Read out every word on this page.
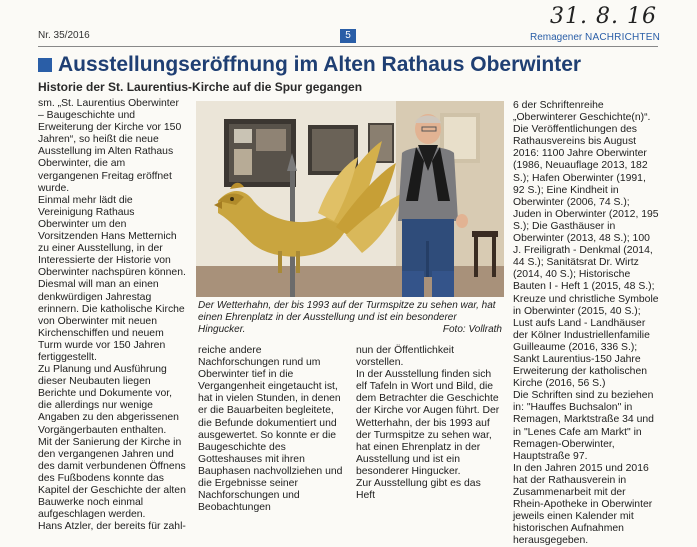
Nr. 35/2016	5	Remagener NACHRICHTEN
31. 8. 16
Ausstellungseröffnung im Alten Rathaus Oberwinter
Historie der St. Laurentius-Kirche auf die Spur gegangen

sm. „St. Laurentius Oberwinter – Baugeschichte und Erweiterung der Kirche vor 150 Jahren“, so heißt die neue Ausstellung im Alten Rathaus Oberwinter, die am vergangenen Freitag eröffnet wurde.

Einmal mehr lädt die Vereinigung Rathaus Oberwinter um den Vorsitzenden Hans Metternich zu einer Ausstellung, in der Interessierte der Historie von Oberwinter nachspüren können.

Diesmal will man an einen denkwürdigen Jahrestag erinnern. Die katholische Kirche von Oberwinter mit neuen Kirchenschiffen und neuem Turm wurde vor 150 Jahren fertiggestellt.

Zu Planung und Ausführung dieser Neubauten liegen Berichte und Dokumente vor, die allerdings nur wenige Angaben zu den abgerissenen Vorgängerbauten enthalten.

Mit der Sanierung der Kirche in den vergangenen Jahren und des damit verbundenen Öffnens des Fußbodens konnte das Kapitel der Geschichte der alten Bauwerke noch einmal aufgeschlagen werden.

Hans Atzler, der bereits für zahl-

Der Wetterhahn, der bis 1993 auf der Turmspitze zu sehen war, hat einen Ehrenplatz in der Ausstellung und ist ein besonderer Hingucker.	Foto: Vollrath

reiche andere Nachforschungen rund um Oberwinter tief in die Vergangenheit eingetaucht ist, hat in vielen Stunden, in denen er die Bauarbeiten begleitete, die Befunde dokumentiert und ausgewertet. So konnte er die Baugeschichte des Gotteshauses mit ihren Bauphasen nachvollziehen und die Ergebnisse seiner Nachforschungen und Beobachtungen

nun der Öffentlichkeit vorstellen.

In der Ausstellung finden sich elf Tafeln in Wort und Bild, die dem Betrachter die Geschichte der Kirche vor Augen führt. Der Wetterhahn, der bis 1993 auf der Turmspitze zu sehen war, hat einen Ehrenplatz in der Ausstellung und ist ein besonderer Hingucker.

Zur Ausstellung gibt es das Heft

6 der Schriftenreihe „Oberwinterer Geschichte(n)“.

Die Veröffentlichungen des Rathausvereins bis August 2016: 1100 Jahre Oberwinter (1986, Neuauflage 2013, 182 S.); Hafen Oberwinter (1991, 92 S.); Eine Kindheit in Oberwinter (2006, 74 S.); Juden in Oberwinter (2012, 195 S.); Die Gasthäuser in Oberwinter (2013, 48 S.); 100 J. Freiligrath - Denkmal (2014, 44 S.); Sanitätsrat Dr. Wirtz (2014, 40 S.); Historische Bauten I - Heft 1 (2015, 48 S.); Kreuze und christliche Symbole in Oberwinter (2015, 40 S.); Lust aufs Land - Landhäuser der Kölner Industriellenfamilie Guilleaume (2016, 336 S.); Sankt Laurentius-150 Jahre Erweiterung der katholischen Kirche (2016, 56 S.)

Die Schriften sind zu beziehen in: "Hauffes Buchsalon" in Remagen, Marktstraße 34 und in "Lenes Cafe am Markt" in Remagen-Oberwinter, Hauptstraße 97.

In den Jahren 2015 und 2016 hat der Rathausverein in Zusammenarbeit mit der Rhein-Apotheke in Oberwinter jeweils einen Kalender mit historischen Aufnahmen herausgegeben.
